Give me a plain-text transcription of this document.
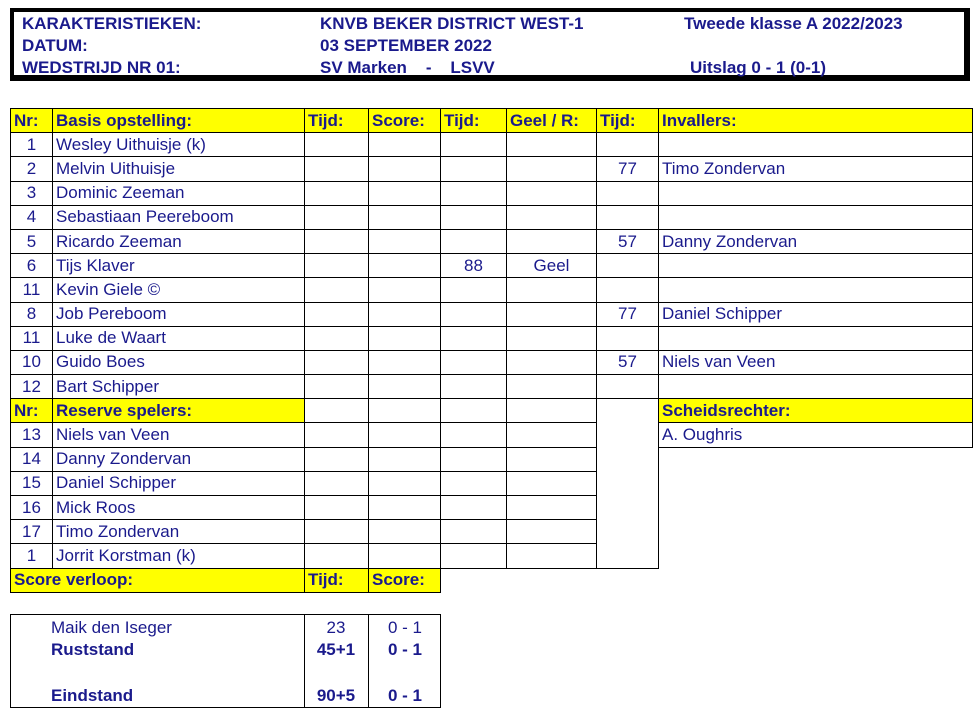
KARAKTERISTIEKEN:	KNVB BEKER DISTRICT WEST-1	Tweede klasse A 2022/2023
DATUM:	03 SEPTEMBER 2022
WEDSTRIJD NR 01:	SV Marken    -    LSVV	Uitslag 0 - 1 (0-1)
Nr:	Basis opstelling:	Tijd:	Score:	Tijd:	Geel / R:	Tijd:	Invallers:
1	Wesley Uithuisje (k)						
2	Melvin Uithuisje					77	Timo Zondervan
3	Dominic Zeeman						
4	Sebastiaan Peereboom						
5	Ricardo Zeeman					57	Danny Zondervan
6	Tijs Klaver			88	Geel		
11	Kevin Giele ©						
8	Job Pereboom					77	Daniel Schipper
11	Luke de Waart						
10	Guido Boes					57	Niels van Veen
12	Bart Schipper						
Nr:	Reserve spelers:						Scheidsrechter:
13	Niels van Veen						A. Oughris
14	Danny Zondervan						
15	Daniel Schipper						
16	Mick Roos						
17	Timo Zondervan						
1	Jorrit Korstman (k)						
Score verloop:		Tijd:	Score:				
Maik den Iseger	23	0 - 1
Ruststand	45+1	0 - 1
Eindstand	90+5	0 - 1
